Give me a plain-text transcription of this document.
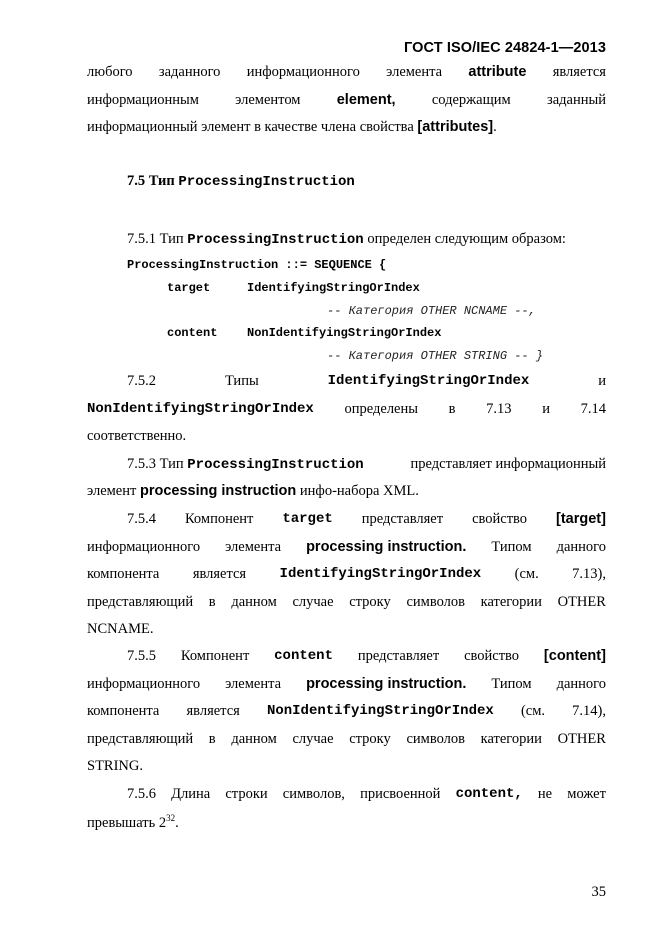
ГОСТ ISO/IEC 24824-1—2013
любого заданного информационного элемента attribute является
информационным	элементом	element,	содержащим	заданный
информационный элемент в качестве члена свойства [attributes].
7.5 Тип ProcessingInstruction
7.5.1 Тип ProcessingInstruction определен следующим образом:
ProcessingInstruction ::= SEQUENCE {
target	IdentifyingStringOrIndex
-- Категория OTHER NCNAME --,
content NonIdentifyingStringOrIndex
-- Категория OTHER STRING -- }
7.5.2	Типы	IdentifyingStringOrIndex	и
NonIdentifyingStringOrIndex определены в 7.13 и 7.14
соответственно.
7.5.3 Тип ProcessingInstruction	представляет информационный
элемент processing instruction инфо-набора XML.
7.5.4 Компонент target представляет свойство [target]
информационного элемента processing instruction. Типом данного
компонента является IdentifyingStringOrIndex (см. 7.13),
представляющий в данном случае строку символов категории OTHER
NCNAME.
7.5.5 Компонент content представляет свойство [content]
информационного элемента processing instruction. Типом данного
компонента является NonIdentifyingStringOrIndex (см. 7.14),
представляющий в данном случае строку символов категории OTHER
STRING.
7.5.6 Длина строки символов, присвоенной content, не может
превышать $2^{32}$.
35
